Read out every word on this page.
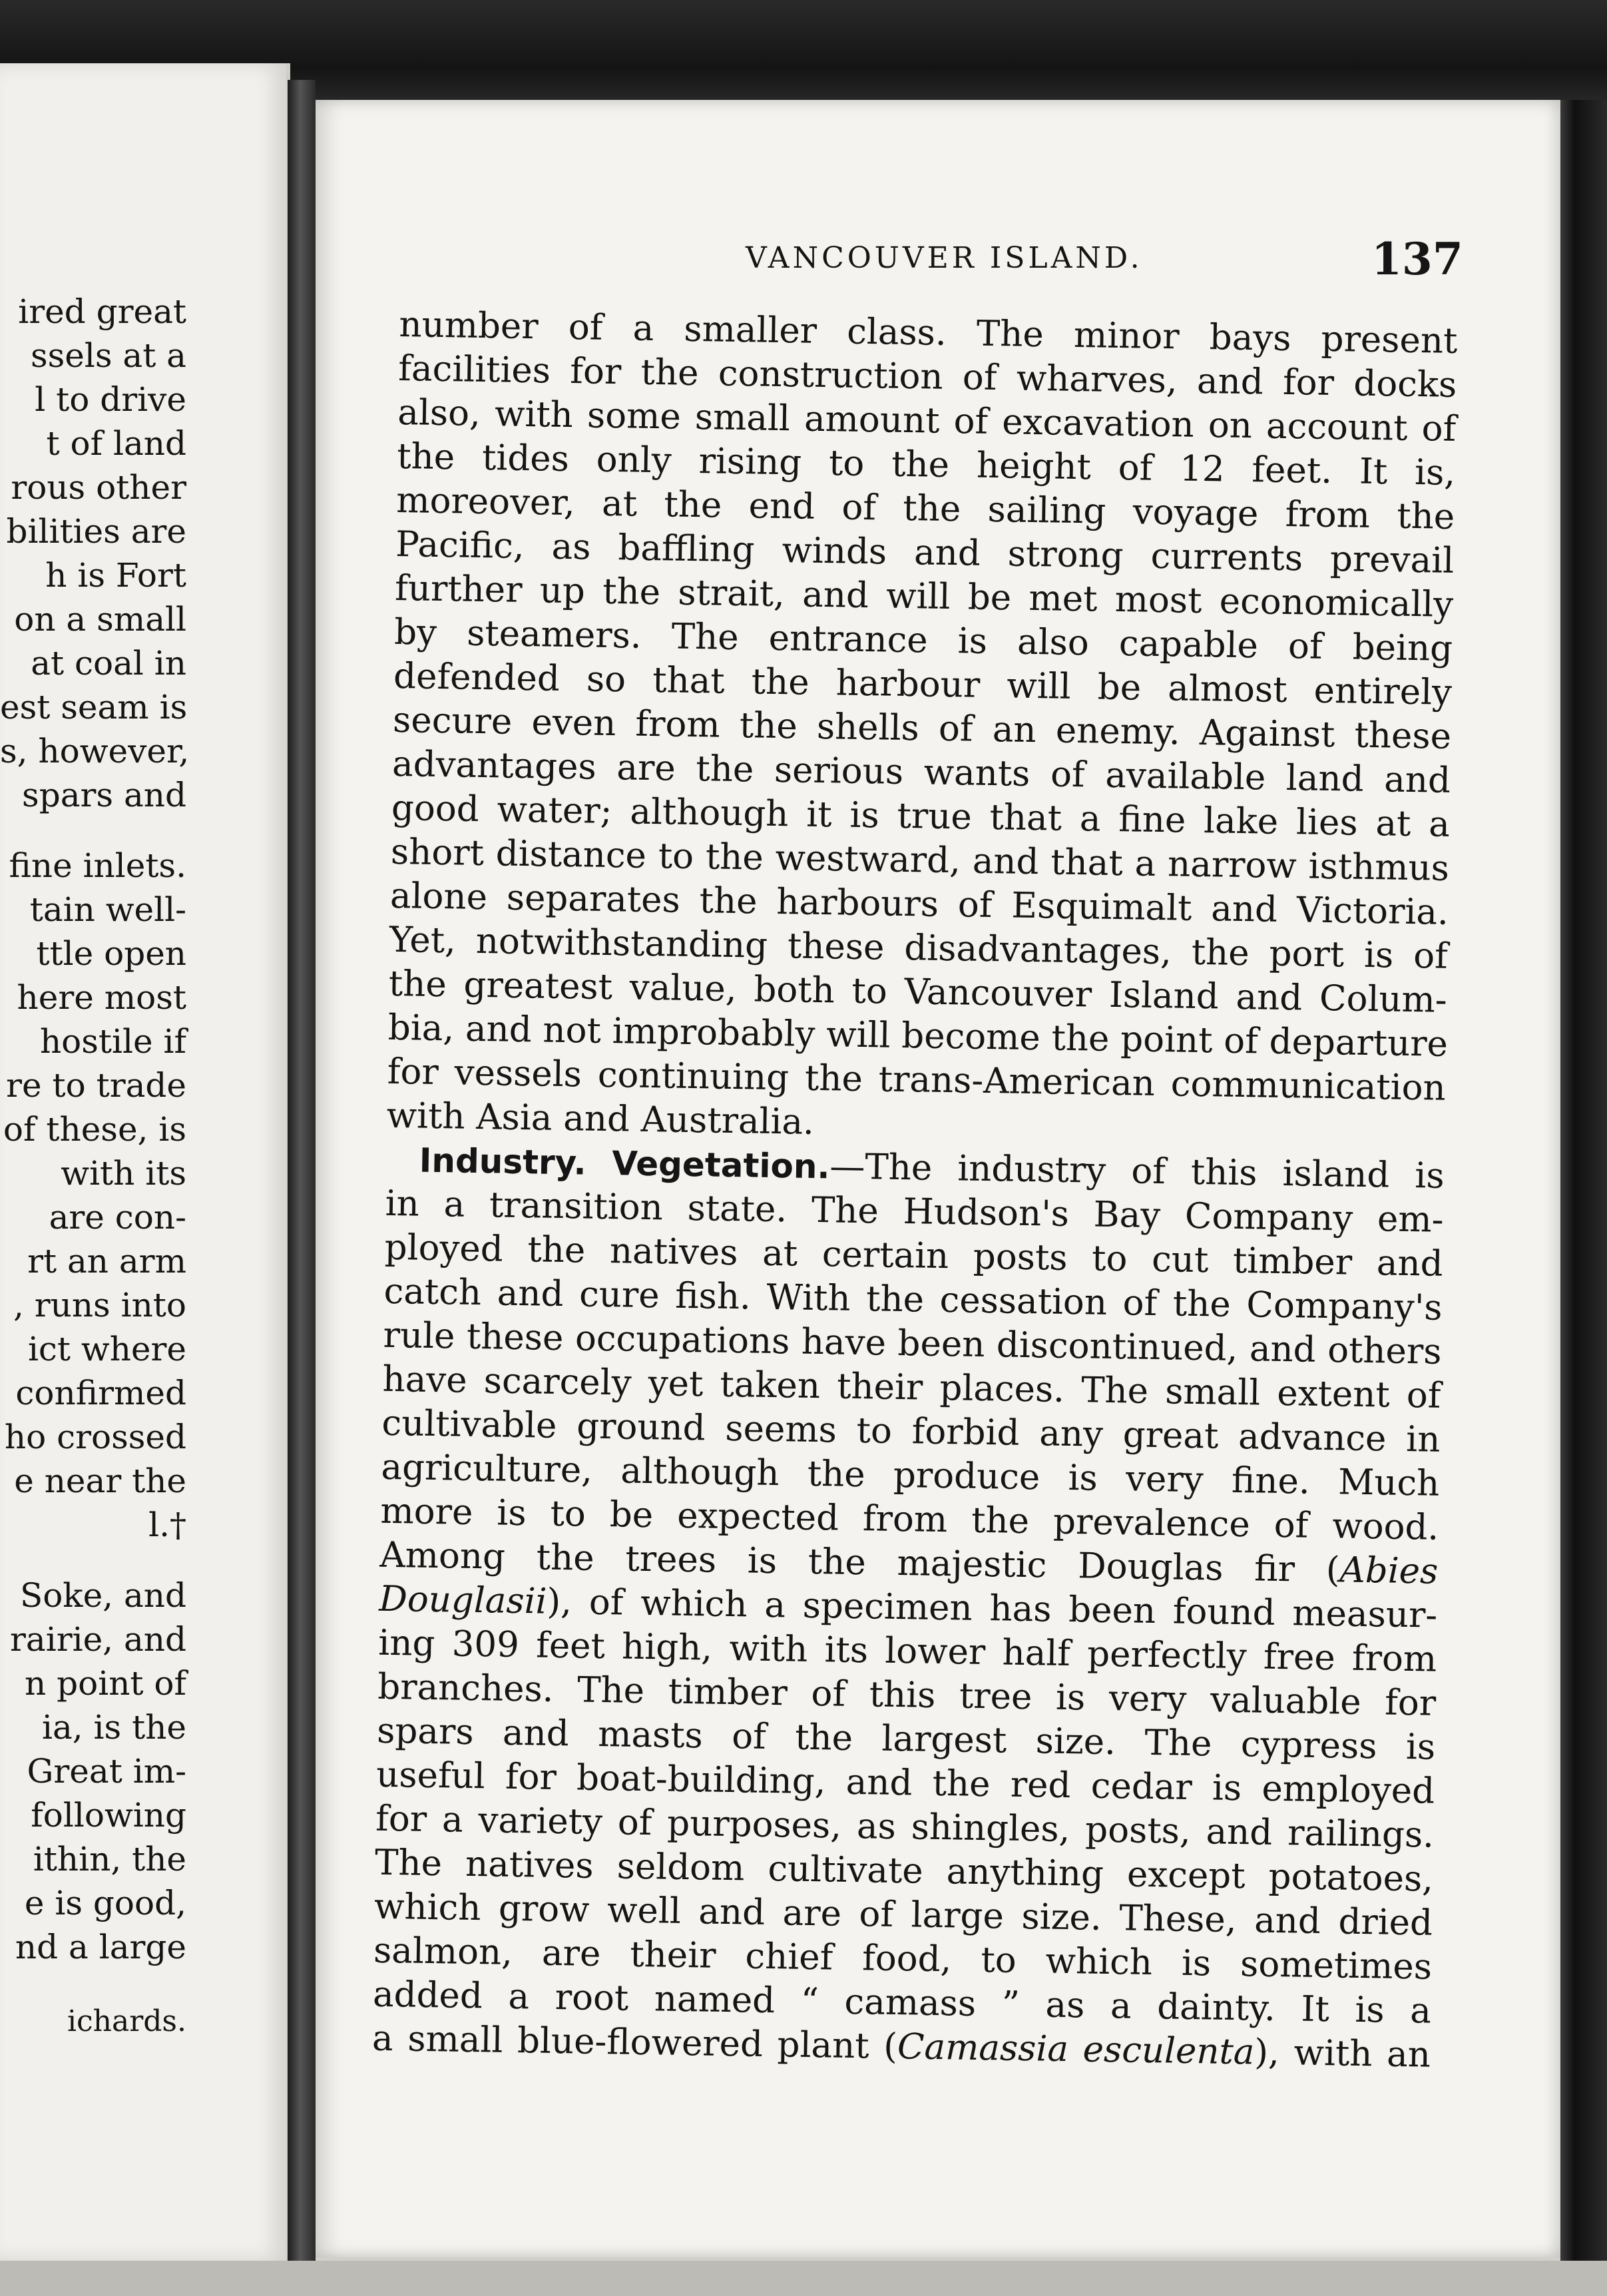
ired great
ssels at a
l to drive
t of land
rous other
bilities are
h is Fort
on a small
at coal in
est seam is
s, however,
spars and
fine inlets.
tain well-
ttle open
here most
hostile if
re to trade
of these, is
with its
are con-
rt an arm
, runs into
ict where
confirmed
ho crossed
e near the
l.†
Soke, and
rairie, and
n point of
ia, is the
Great im-
following
ithin, the
e is good,
nd a large
ichards.
VANCOUVER ISLAND.	137
number of a smaller class. The minor bays present
facilities for the construction of wharves, and for docks
also, with some small amount of excavation on account of
the tides only rising to the height of 12 feet. It is,
moreover, at the end of the sailing voyage from the
Pacific, as baffling winds and strong currents prevail
further up the strait, and will be met most economically
by steamers. The entrance is also capable of being
defended so that the harbour will be almost entirely
secure even from the shells of an enemy. Against these
advantages are the serious wants of available land and
good water; although it is true that a fine lake lies at a
short distance to the westward, and that a narrow isthmus
alone separates the harbours of Esquimalt and Victoria.
Yet, notwithstanding these disadvantages, the port is of
the greatest value, both to Vancouver Island and Colum-
bia, and not improbably will become the point of departure
for vessels continuing the trans-American communication
with Asia and Australia.
Industry. Vegetation.—The industry of this island is
in a transition state. The Hudson's Bay Company em-
ployed the natives at certain posts to cut timber and
catch and cure fish. With the cessation of the Company's
rule these occupations have been discontinued, and others
have scarcely yet taken their places. The small extent of
cultivable ground seems to forbid any great advance in
agriculture, although the produce is very fine. Much
more is to be expected from the prevalence of wood.
Among the trees is the majestic Douglas fir (Abies
Douglasii), of which a specimen has been found measur-
ing 309 feet high, with its lower half perfectly free from
branches. The timber of this tree is very valuable for
spars and masts of the largest size. The cypress is
useful for boat-building, and the red cedar is employed
for a variety of purposes, as shingles, posts, and railings.
The natives seldom cultivate anything except potatoes,
which grow well and are of large size. These, and dried
salmon, are their chief food, to which is sometimes
added a root named “ camass ” as a dainty. It is a
a small blue-flowered plant (Camassia esculenta), with an
